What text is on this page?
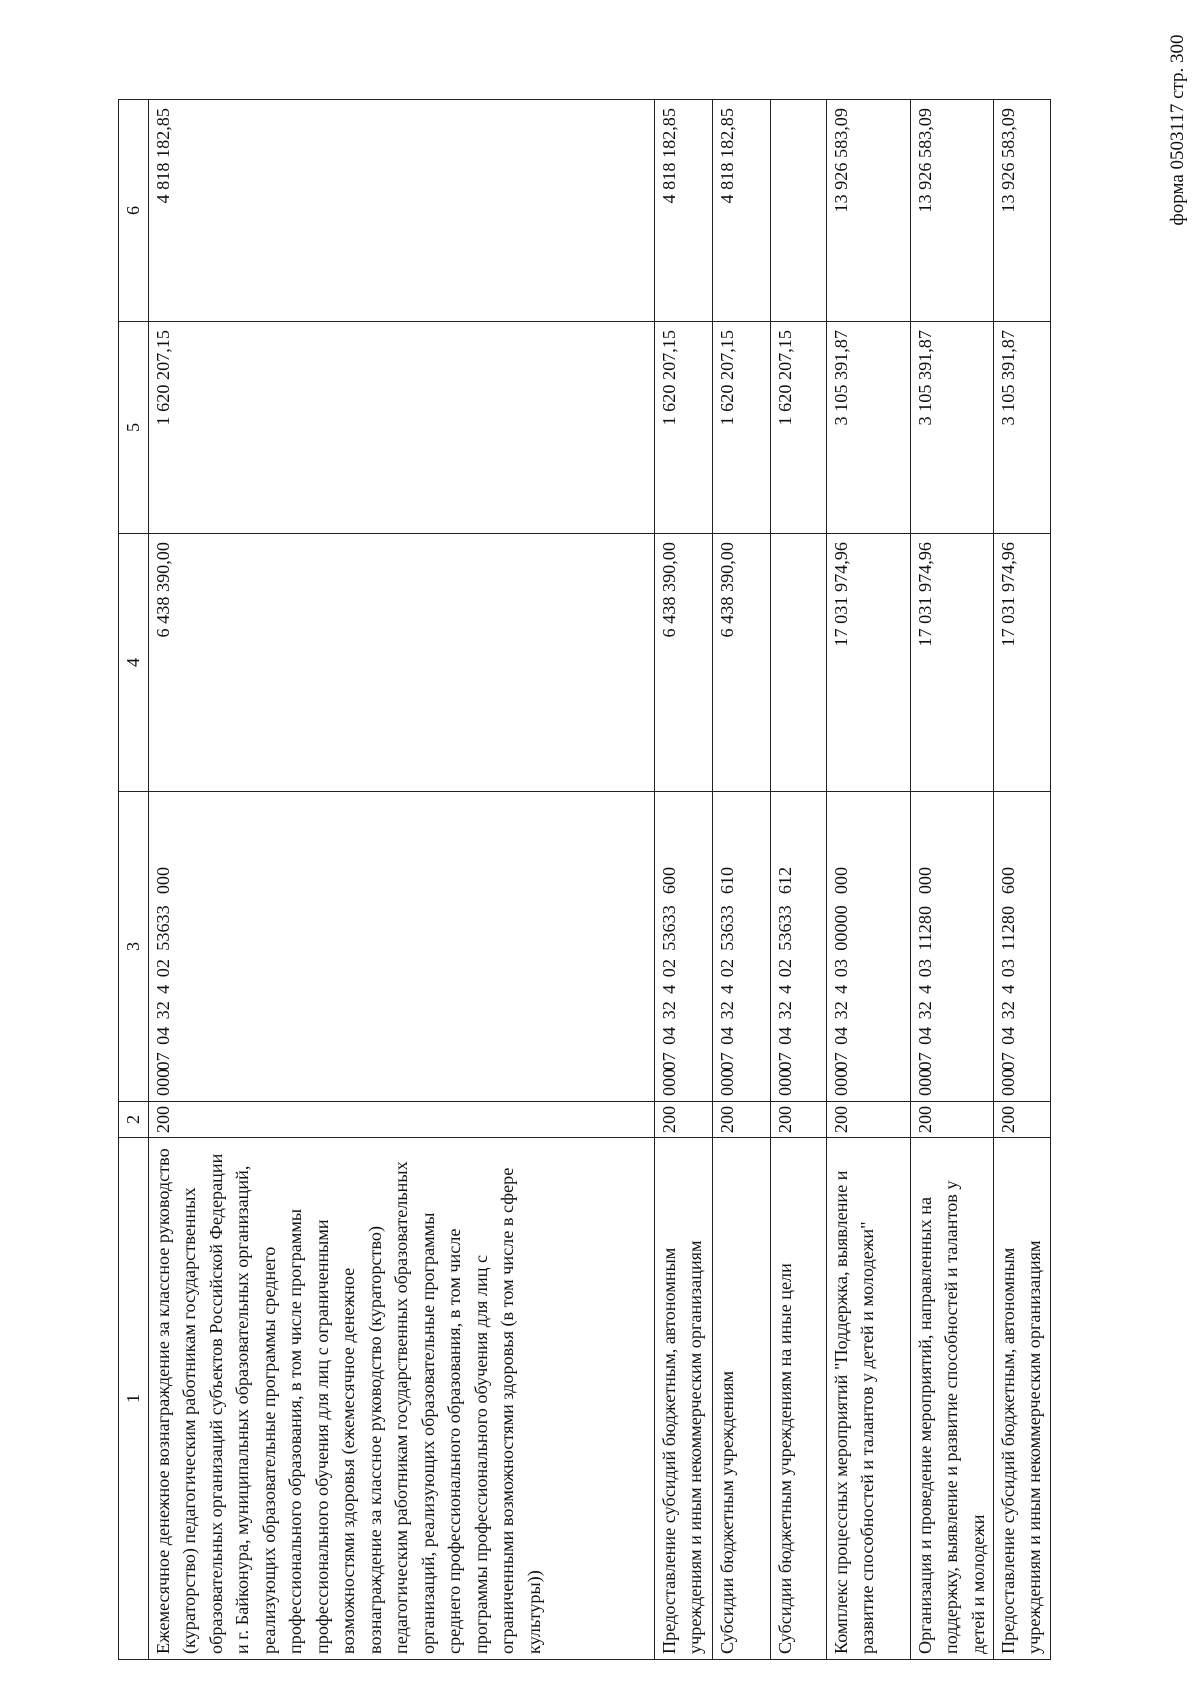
форма 0503117 стр. 300
1	2	3	4	5	6
Ежемесячное денежное вознаграждение за классное руководство (кураторство) педагогическим работникам государственных образовательных организаций субъектов Российской Федерации и г. Байконура, муниципальных образовательных организаций, реализующих образовательные программы среднего профессионального образования, в том числе программы профессионального обучения для лиц с ограниченными возможностями здоровья (ежемесячное денежное вознаграждение за классное руководство (кураторство) педагогическим работникам государственных образовательных организаций, реализующих образовательные программы среднего профессионального образования, в том числе программы профессионального обучения для лиц с ограниченными возможностями здоровья (в том числе в сфере культуры))	200	000 07 04 32 4 02 53633 000	6 438 390,00	1 620 207,15	4 818 182,85
Предоставление субсидий бюджетным, автономным учреждениям и иным некоммерческим организациям	200	000 07 04 32 4 02 53633 600	6 438 390,00	1 620 207,15	4 818 182,85
Субсидии бюджетным учреждениям	200	000 07 04 32 4 02 53633 610	6 438 390,00	1 620 207,15	4 818 182,85
Субсидии бюджетным учреждениям на иные цели	200	000 07 04 32 4 02 53633 612		1 620 207,15	
Комплекс процессных мероприятий "Поддержка, выявление и развитие способностей и талантов у детей и молодежи"	200	000 07 04 32 4 03 00000 000	17 031 974,96	3 105 391,87	13 926 583,09
Организация и проведение мероприятий, направленных на поддержку, выявление и развитие способностей и талантов у детей и молодежи	200	000 07 04 32 4 03 11280 000	17 031 974,96	3 105 391,87	13 926 583,09
Предоставление субсидий бюджетным, автономным учреждениям и иным некоммерческим организациям	200	000 07 04 32 4 03 11280 600	17 031 974,96	3 105 391,87	13 926 583,09
